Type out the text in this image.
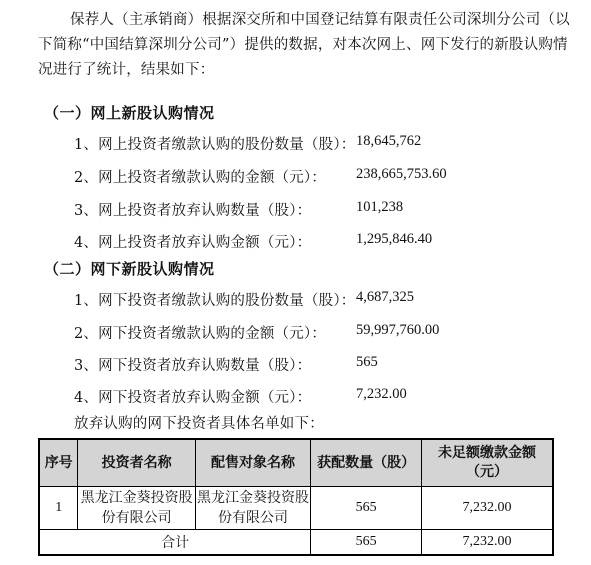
保荐人（主承销商）根据深交所和中国登记结算有限责任公司深圳分公司（以下简称“中国结算深圳分公司”）提供的数据，对本次网上、网下发行的新股认购情况进行了统计，结果如下：
（一）网上新股认购情况
1、网上投资者缴款认购的股份数量（股）： 18,645,762
2、网上投资者缴款认购的金额（元）： 238,665,753.60
3、网上投资者放弃认购数量（股）：	101,238
4、网上投资者放弃认购金额（元）：	1,295,846.40
（二）网下新股认购情况
1、网下投资者缴款认购的股份数量（股）： 4,687,325
2、网下投资者缴款认购的金额（元）： 59,997,760.00
3、网下投资者放弃认购数量（股）：	565
4、网下投资者放弃认购金额（元）：	7,232.00
放弃认购的网下投资者具体名单如下：
序号	投资者名称	配售对象名称	获配数量（股）	未足额缴款金额
（元）
1	黑龙江金葵投资股份有限公司	黑龙江金葵投资股份有限公司	565	7,232.00
合计			565	7,232.00
